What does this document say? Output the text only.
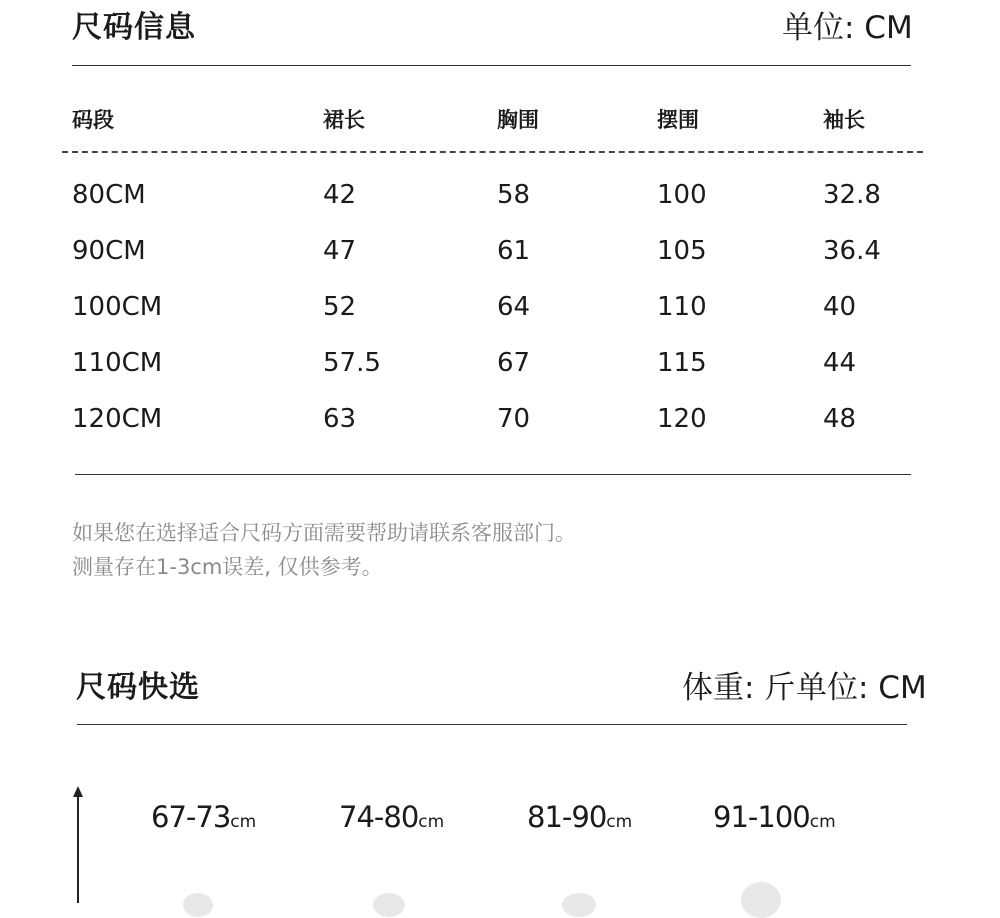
尺码信息	单位: CM
码段	裙长	胸围	摆围	袖长
80CM	42	58	100	32.8
90CM	47	61	105	36.4
100CM	52	64	110	40
110CM	57.5	67	115	44
120CM	63	70	120	48
如果您在选择适合尺码方面需要帮助请联系客服部门。
测量存在1-3cm误差, 仅供参考。
尺码快选	体重: 斤 单位: CM
67-73cm	74-80cm	81-90cm	91-100cm
